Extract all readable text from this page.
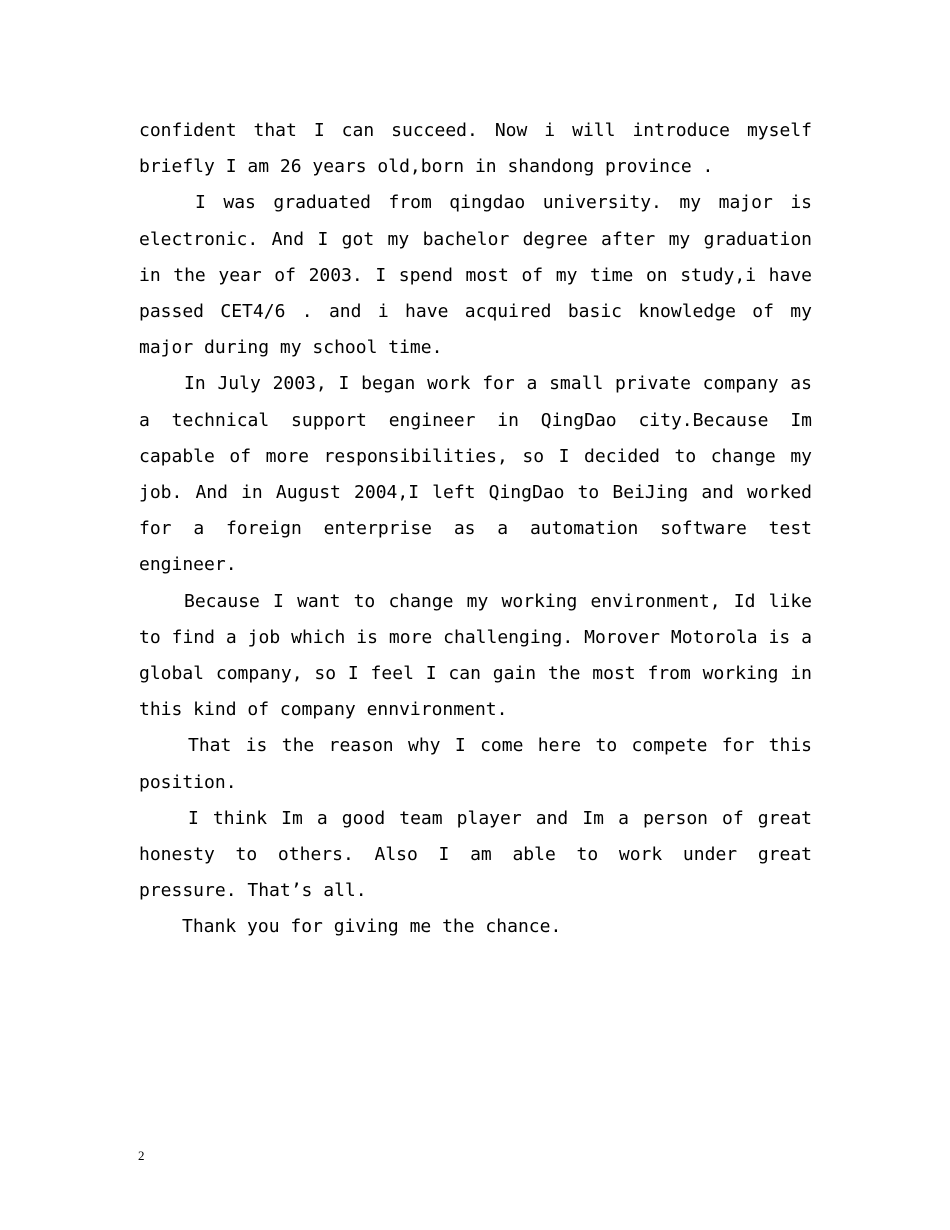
confident that I can succeed. Now i will introduce myself briefly I am 26 years old,born in shandong province .

I was graduated from qingdao university. my major is electronic. And I got my bachelor degree after my graduation in the year of 2003. I spend most of my time on study,i have passed CET4/6 . and i have acquired basic knowledge of my major during my school time.

In July 2003, I began work for a small private company as a technical support engineer in QingDao city.Because Im capable of more responsibilities, so I decided to change my job. And in August 2004,I left QingDao to BeiJing and worked for a foreign enterprise as a automation software test engineer.

Because I want to change my working environment, Id like to find a job which is more challenging. Morover Motorola is a global company, so I feel I can gain the most from working in this kind of company ennvironment.

That is the reason why I come here to compete for this position.

I think Im a good team player and Im a person of great honesty to others. Also I am able to work under great pressure. That’s all.

Thank you for giving me the chance.

2
